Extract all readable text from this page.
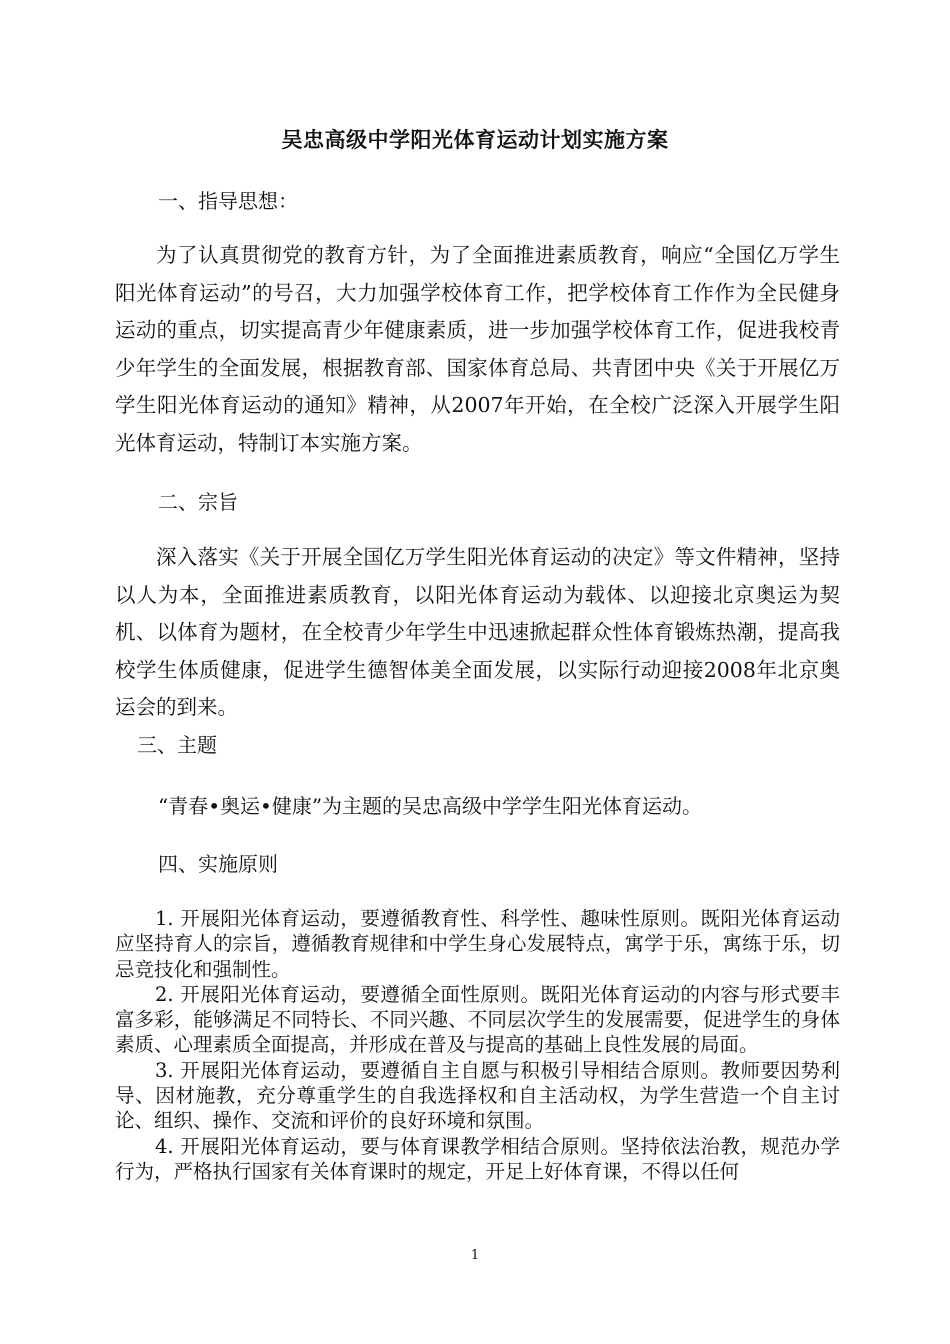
吴忠高级中学阳光体育运动计划实施方案
一、指导思想：

为了认真贯彻党的教育方针，为了全面推进素质教育，响应“全国亿万学生阳光体育运动”的号召，大力加强学校体育工作，把学校体育工作作为全民健身运动的重点，切实提高青少年健康素质，进一步加强学校体育工作，促进我校青少年学生的全面发展，根据教育部、国家体育总局、共青团中央《关于开展亿万学生阳光体育运动的通知》精神，从2007年开始，在全校广泛深入开展学生阳光体育运动，特制订本实施方案。

二、宗旨

深入落实《关于开展全国亿万学生阳光体育运动的决定》等文件精神，坚持以人为本，全面推进素质教育，以阳光体育运动为载体、以迎接北京奥运为契机、以体育为题材，在全校青少年学生中迅速掀起群众性体育锻炼热潮，提高我校学生体质健康，促进学生德智体美全面发展，以实际行动迎接2008年北京奥运会的到来。

三、主题
“青春•奥运•健康”为主题的吴忠高级中学学生阳光体育运动。
四、实施原则

1. 开展阳光体育运动，要遵循教育性、科学性、趣味性原则。既阳光体育运动应坚持育人的宗旨，遵循教育规律和中学生身心发展特点，寓学于乐，寓练于乐，切忌竞技化和强制性。

2. 开展阳光体育运动，要遵循全面性原则。既阳光体育运动的内容与形式要丰富多彩，能够满足不同特长、不同兴趣、不同层次学生的发展需要，促进学生的身体素质、心理素质全面提高，并形成在普及与提高的基础上良性发展的局面。

3. 开展阳光体育运动，要遵循自主自愿与积极引导相结合原则。教师要因势利导、因材施教，充分尊重学生的自我选择权和自主活动权，为学生营造一个自主讨论、组织、操作、交流和评价的良好环境和氛围。

4. 开展阳光体育运动，要与体育课教学相结合原则。坚持依法治教，规范办学行为，严格执行国家有关体育课时的规定，开足上好体育课，不得以任何

1
